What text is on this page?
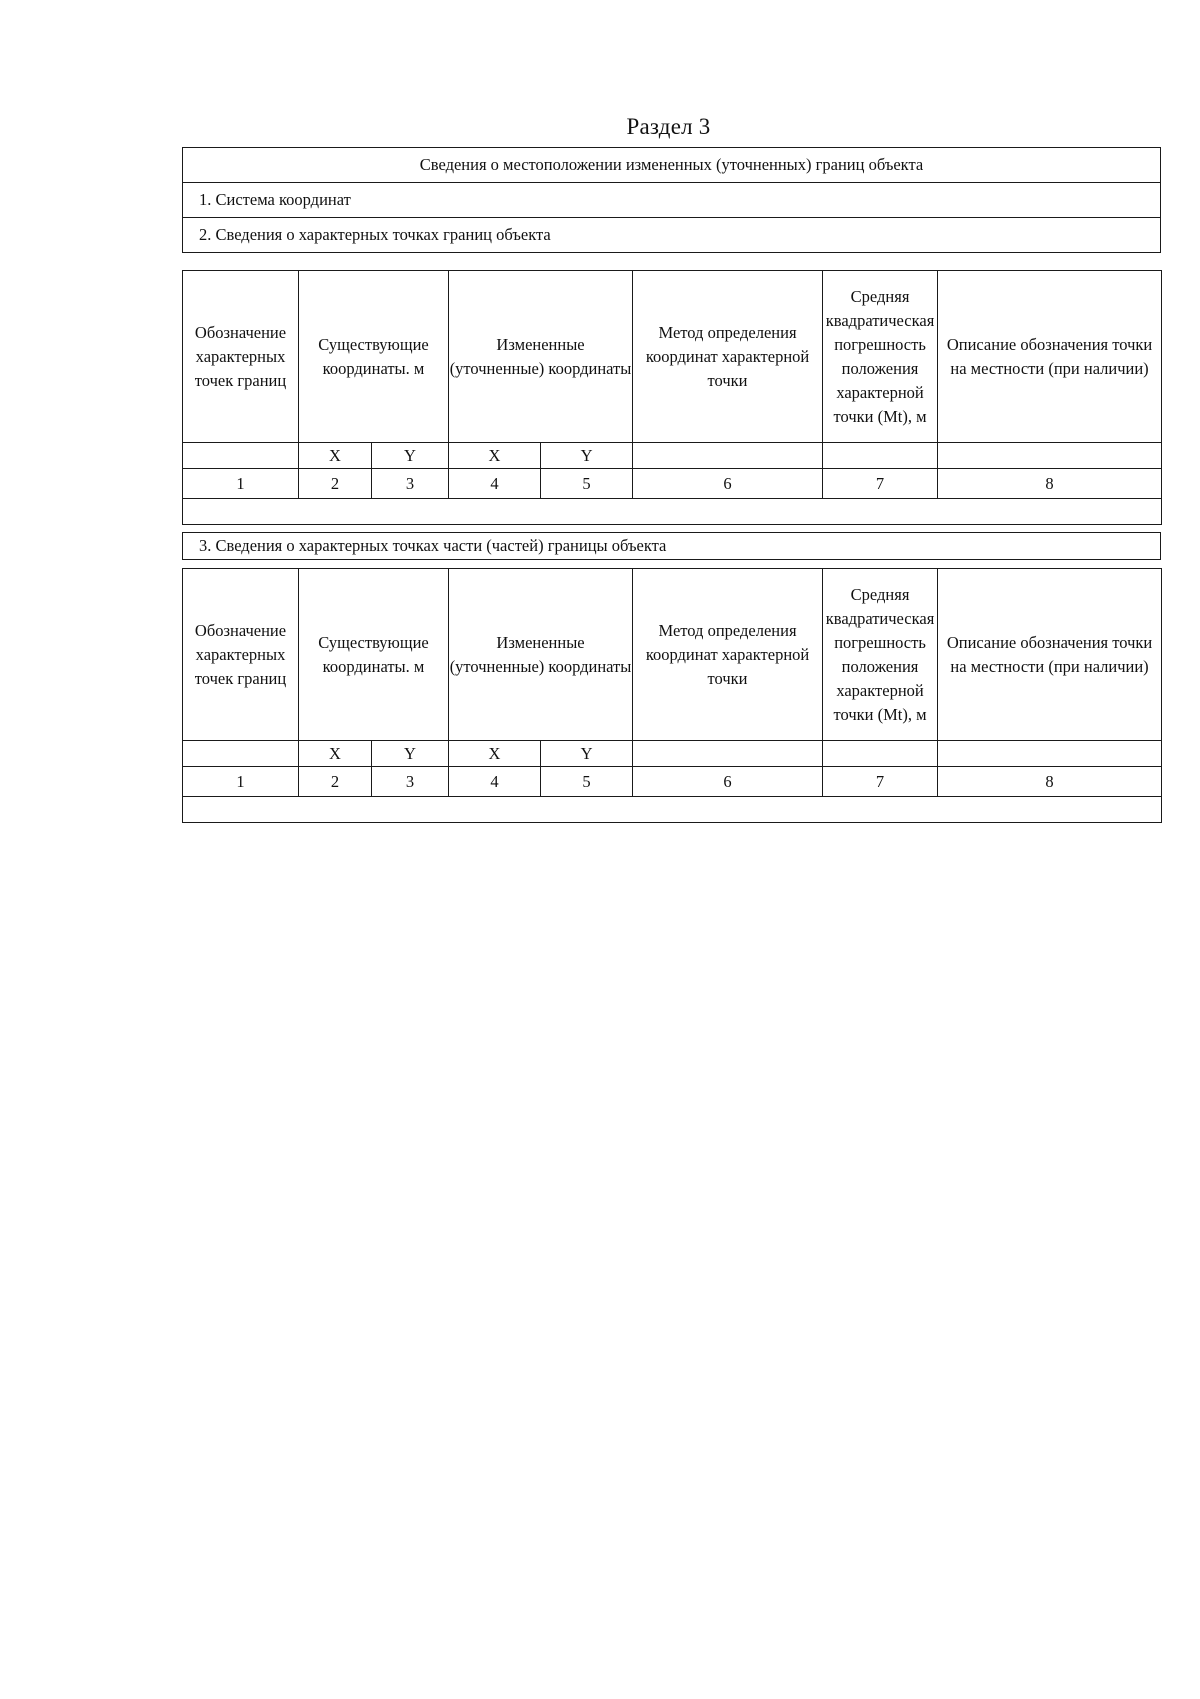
Раздел 3
Сведения о местоположении измененных (уточненных) границ объекта
1. Система координат
2. Сведения о характерных точках границ объекта
Обозначение характерных точек границ	Существующие координаты. м		Измененные (уточненные) координаты		Метод определения координат характерной точки	Средняя квадратическая погрешность положения характерной точки (Mt), м	Описание обозначения точки на местности (при наличии)
	X	Y	X	Y			
1	2	3	4	5	6	7	8

3. Сведения о характерных точках части (частей) границы объекта
Обозначение характерных точек границ	Существующие координаты. м		Измененные (уточненные) координаты		Метод определения координат характерной точки	Средняя квадратическая погрешность положения характерной точки (Mt), м	Описание обозначения точки на местности (при наличии)
	X	Y	X	Y			
1	2	3	4	5	6	7	8
